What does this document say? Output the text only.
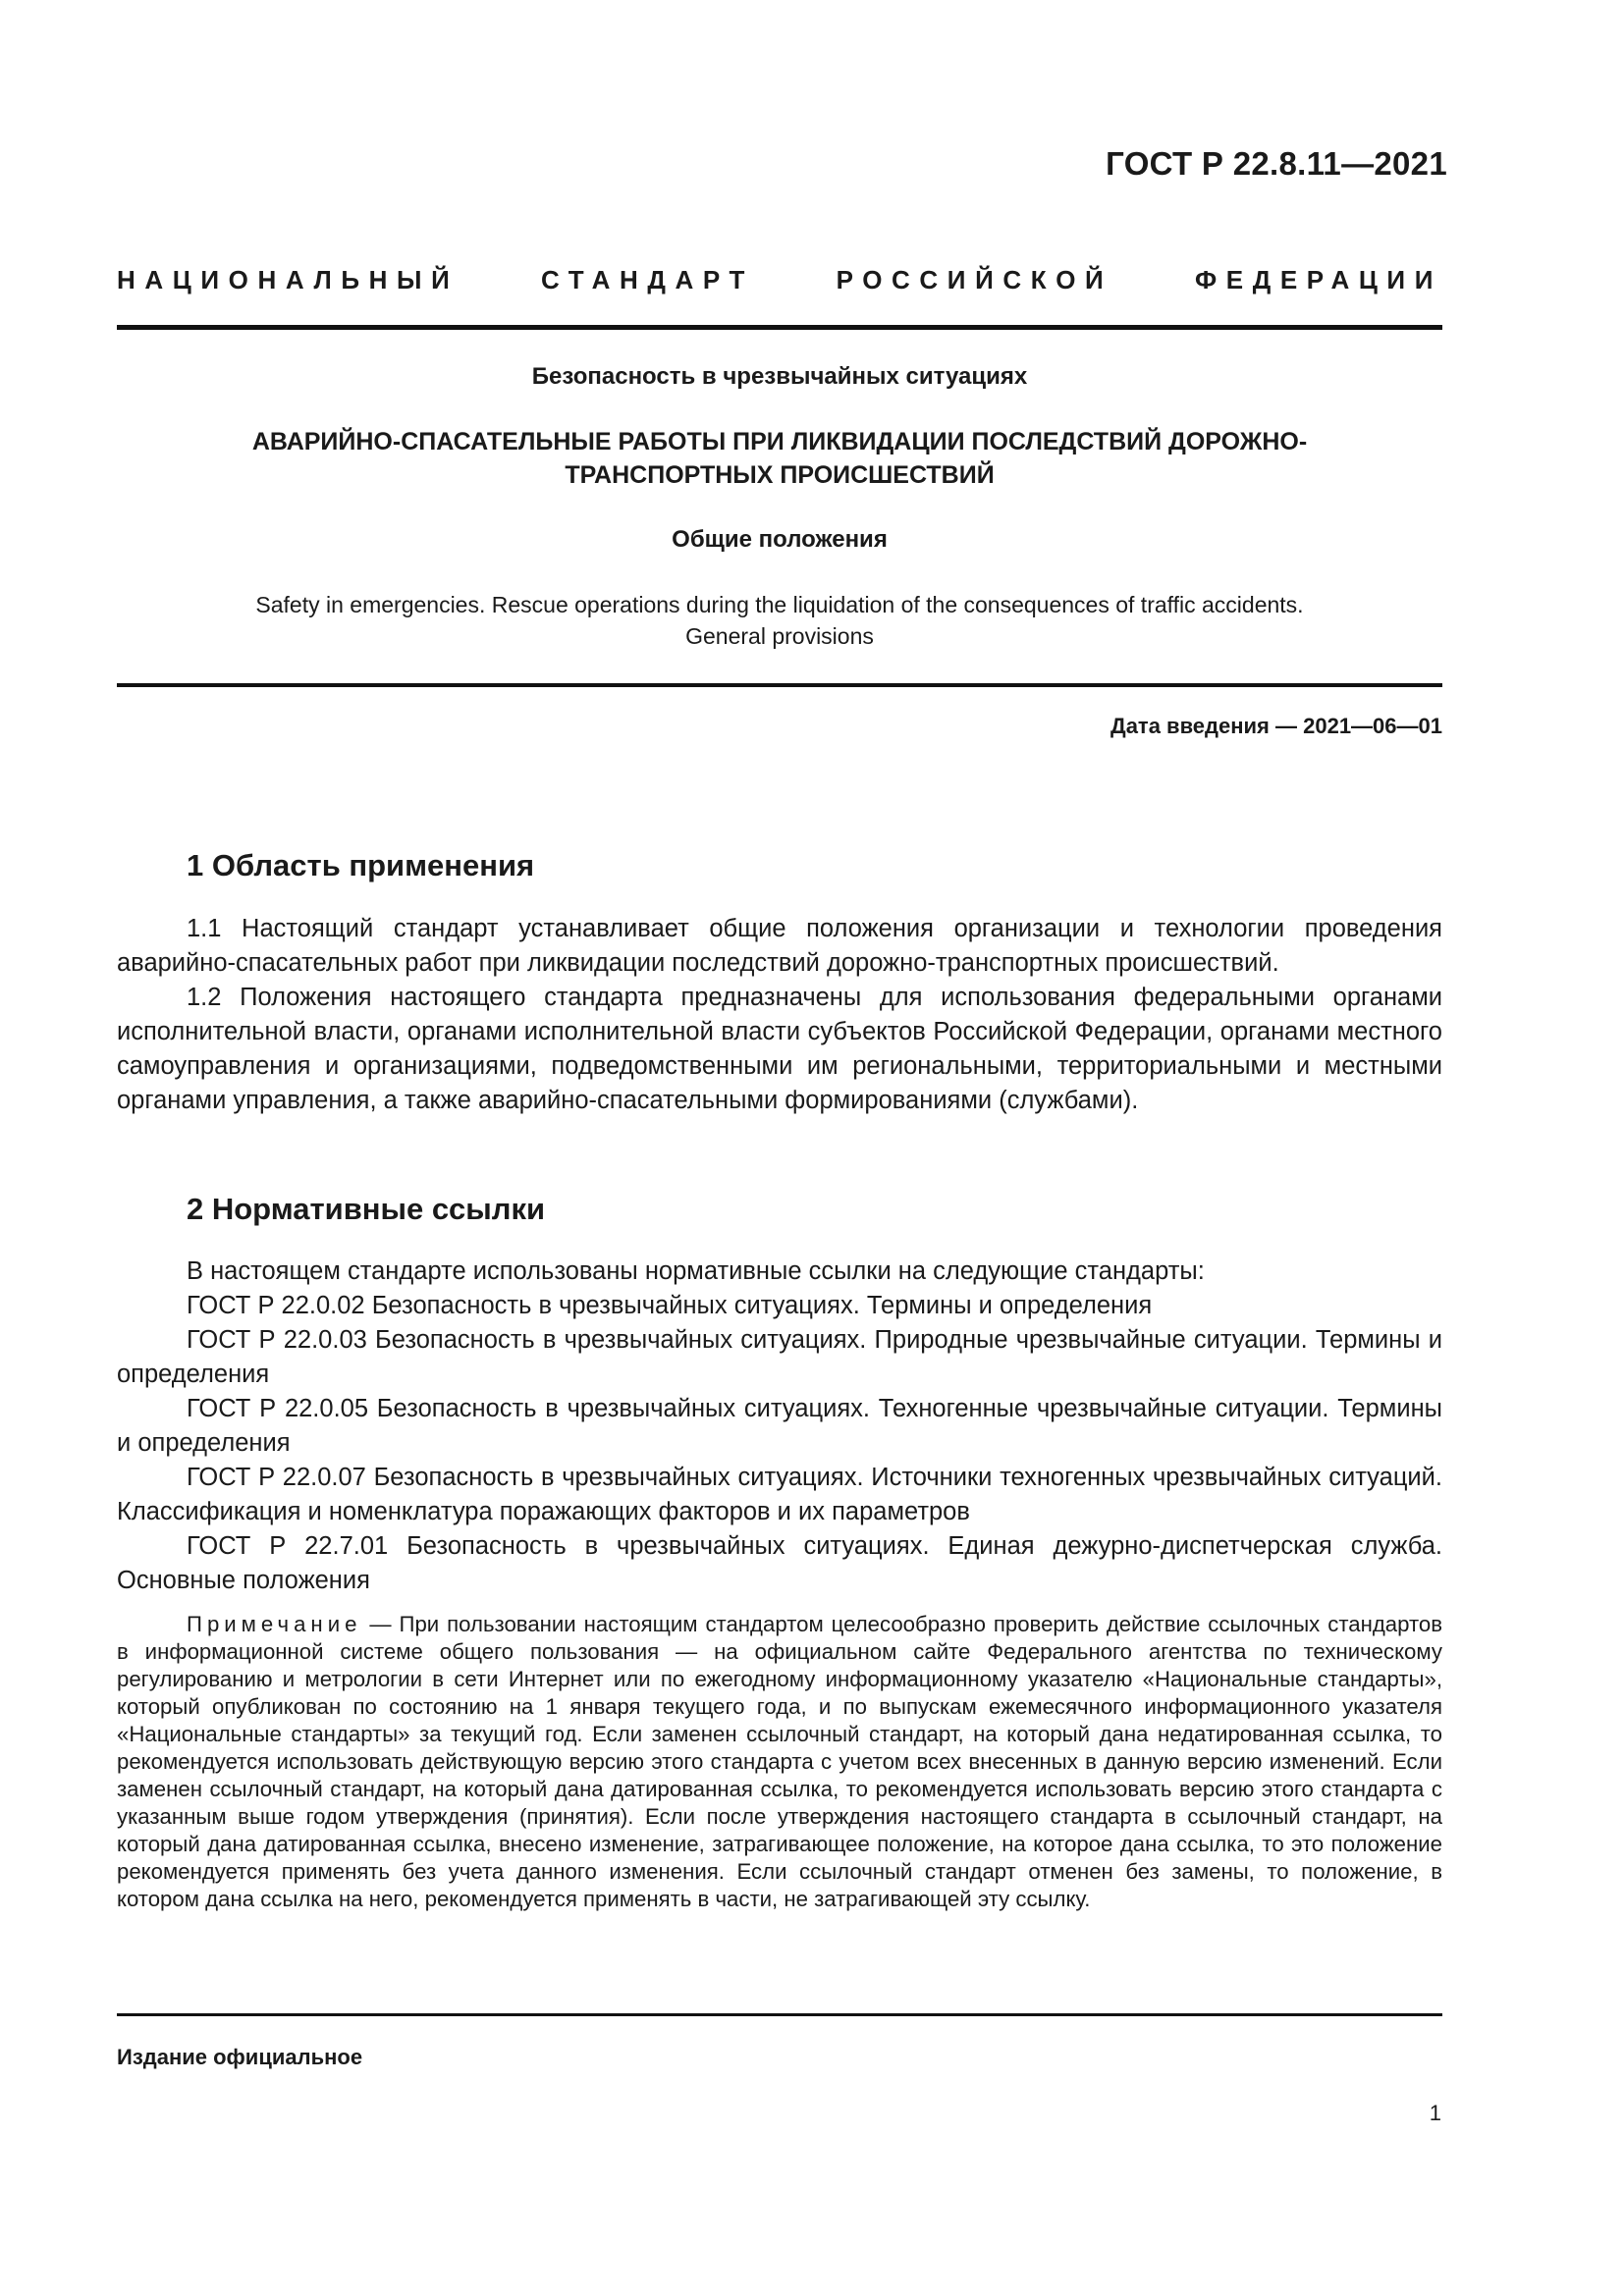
ГОСТ Р 22.8.11—2021
НАЦИОНАЛЬНЫЙ СТАНДАРТ РОССИЙСКОЙ ФЕДЕРАЦИИ
Безопасность в чрезвычайных ситуациях
АВАРИЙНО-СПАСАТЕЛЬНЫЕ РАБОТЫ ПРИ ЛИКВИДАЦИИ ПОСЛЕДСТВИЙ ДОРОЖНО-
ТРАНСПОРТНЫХ ПРОИСШЕСТВИЙ
Общие положения
Safety in emergencies. Rescue operations during the liquidation of the consequences of traffic accidents.
General provisions
Дата введения — 2021—06—01
1 Область применения

1.1 Настоящий стандарт устанавливает общие положения организации и технологии проведения аварийно-спасательных работ при ликвидации последствий дорожно-транспортных происшествий.

1.2 Положения настоящего стандарта предназначены для использования федеральными органами исполнительной власти, органами исполнительной власти субъектов Российской Федерации, органами местного самоуправления и организациями, подведомственными им региональными, территориальными и местными органами управления, а также аварийно-спасательными формированиями (службами).

2 Нормативные ссылки

В настоящем стандарте использованы нормативные ссылки на следующие стандарты:

ГОСТ Р 22.0.02 Безопасность в чрезвычайных ситуациях. Термины и определения

ГОСТ Р 22.0.03 Безопасность в чрезвычайных ситуациях. Природные чрезвычайные ситуации. Термины и определения

ГОСТ Р 22.0.05 Безопасность в чрезвычайных ситуациях. Техногенные чрезвычайные ситуации. Термины и определения

ГОСТ Р 22.0.07 Безопасность в чрезвычайных ситуациях. Источники техногенных чрезвычайных ситуаций. Классификация и номенклатура поражающих факторов и их параметров

ГОСТ Р 22.7.01 Безопасность в чрезвычайных ситуациях. Единая дежурно-диспетчерская служба. Основные положения

Примечание — При пользовании настоящим стандартом целесообразно проверить действие ссылочных стандартов в информационной системе общего пользования — на официальном сайте Федерального агентства по техническому регулированию и метрологии в сети Интернет или по ежегодному информационному указателю «Национальные стандарты», который опубликован по состоянию на 1 января текущего года, и по выпускам ежемесячного информационного указателя «Национальные стандарты» за текущий год. Если заменен ссылочный стандарт, на который дана недатированная ссылка, то рекомендуется использовать действующую версию этого стандарта с учетом всех внесенных в данную версию изменений. Если заменен ссылочный стандарт, на который дана датированная ссылка, то рекомендуется использовать версию этого стандарта с указанным выше годом утверждения (принятия). Если после утверждения настоящего стандарта в ссылочный стандарт, на который дана датированная ссылка, внесено изменение, затрагивающее положение, на которое дана ссылка, то это положение рекомендуется применять без учета данного изменения. Если ссылочный стандарт отменен без замены, то положение, в котором дана ссылка на него, рекомендуется применять в части, не затрагивающей эту ссылку.
Издание официальное
1
